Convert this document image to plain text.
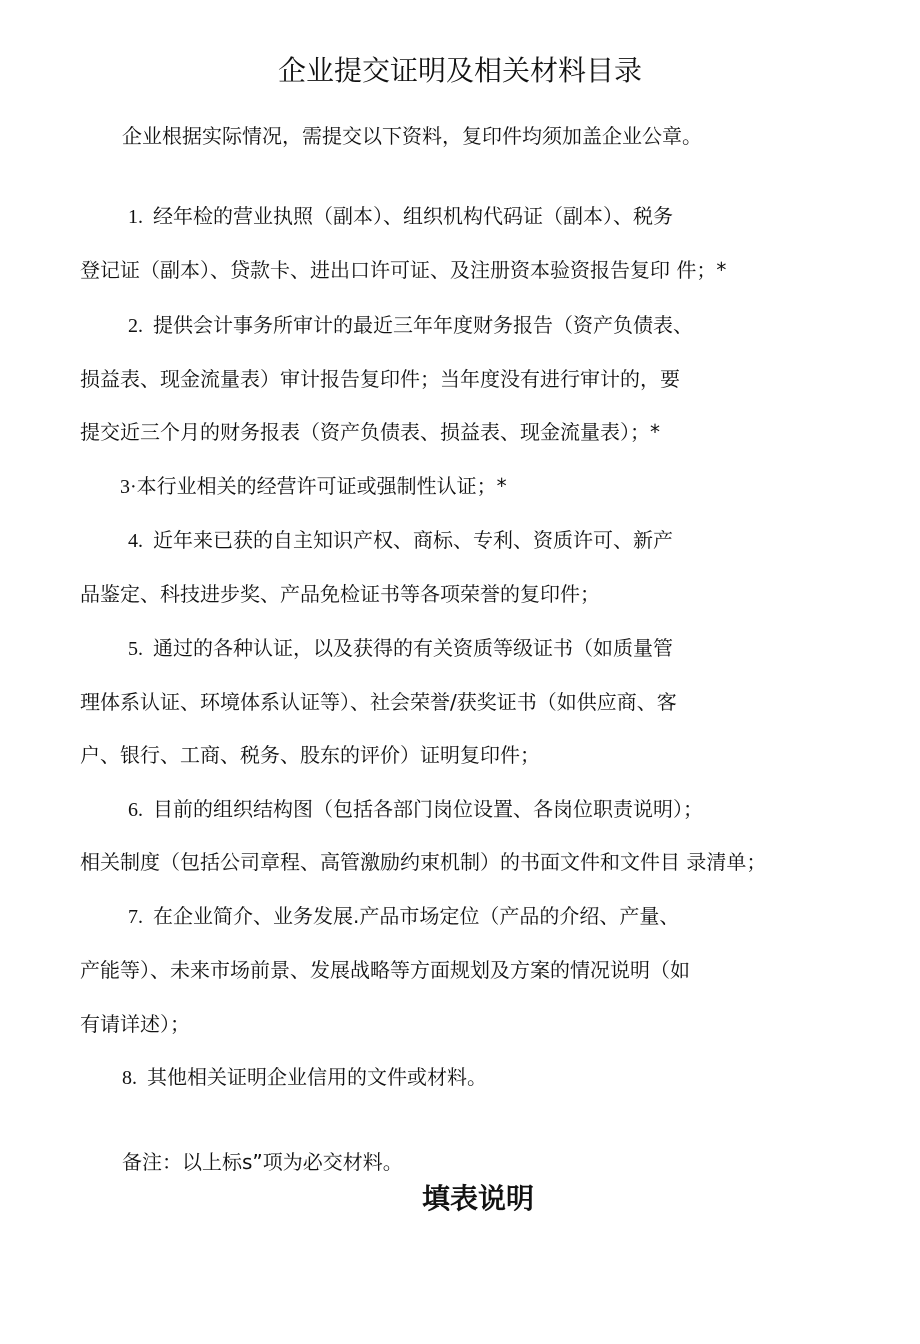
企业提交证明及相关材料目录

企业根据实际情况，需提交以下资料，复印件均须加盖企业公章。

1. 经年检的营业执照（副本）、组织机构代码证（副本）、税务

登记证（副本）、贷款卡、进出口许可证、及注册资本验资报告复印 件；*

2. 提供会计事务所审计的最近三年年度财务报告（资产负债表、

损益表、现金流量表）审计报告复印件；当年度没有进行审计的，要

提交近三个月的财务报表（资产负债表、损益表、现金流量表）；*

3·本行业相关的经营许可证或强制性认证；*

4. 近年来已获的自主知识产权、商标、专利、资质许可、新产

品鉴定、科技进步奖、产品免检证书等各项荣誉的复印件；

5. 通过的各种认证，以及获得的有关资质等级证书（如质量管

理体系认证、环境体系认证等）、社会荣誉/获奖证书（如供应商、客

户、银行、工商、税务、股东的评价）证明复印件；

6. 目前的组织结构图（包括各部门岗位设置、各岗位职责说明）；

相关制度（包括公司章程、高管激励约束机制）的书面文件和文件目 录清单；

7. 在企业简介、业务发展.产品市场定位（产品的介绍、产量、

产能等）、未来市场前景、发展战略等方面规划及方案的情况说明（如

有请详述）；

8. 其他相关证明企业信用的文件或材料。

备注：以上标s”项为必交材料。

填表说明
